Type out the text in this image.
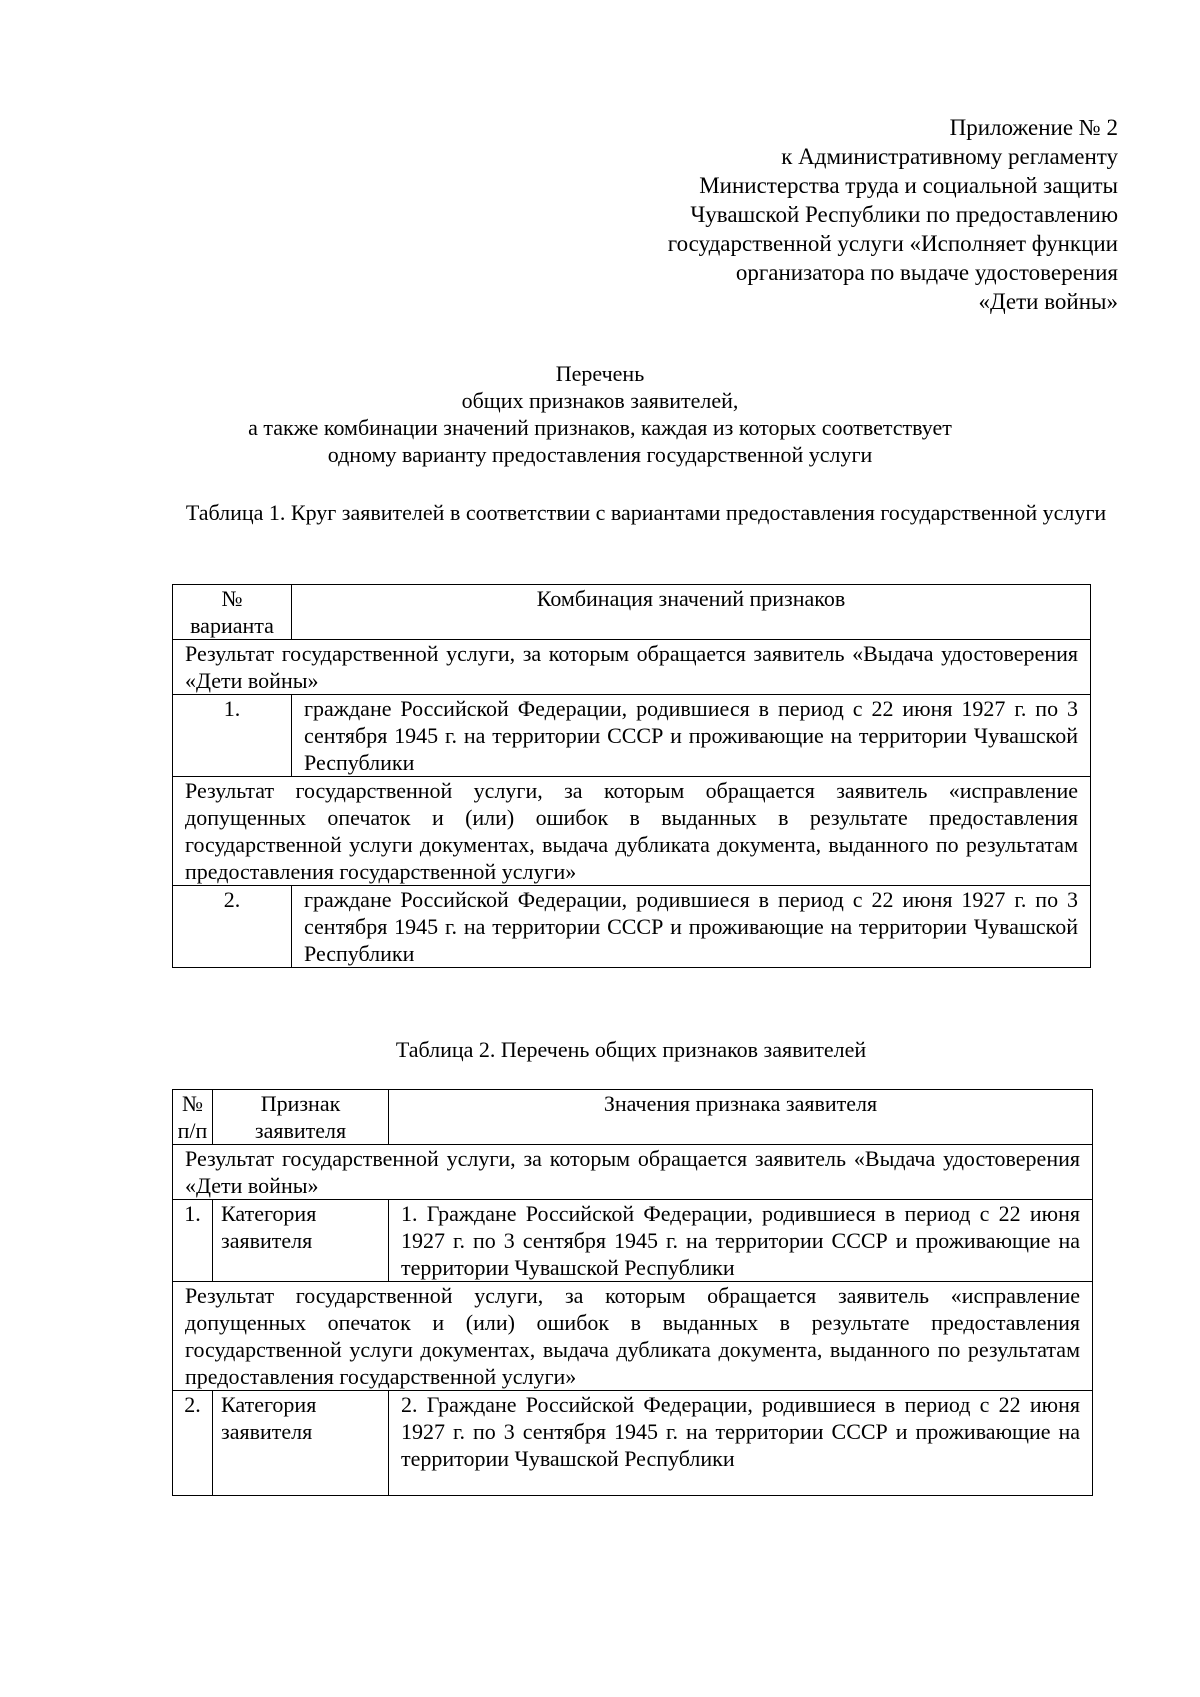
Приложение № 2
к Административному регламенту
Министерства труда и социальной защиты
Чувашской Республики по предоставлению
государственной услуги «Исполняет функции
организатора по выдаче удостоверения
«Дети войны»
Перечень
общих признаков заявителей,
а также комбинации значений признаков, каждая из которых соответствует
одному варианту предоставления государственной услуги
Таблица 1. Круг заявителей в соответствии с вариантами предоставления государственной услуги
№ варианта	Комбинация значений признаков
Результат государственной услуги, за которым обращается заявитель «Выдача удостоверения «Дети войны»	
1.	граждане Российской Федерации, родившиеся в период с 22 июня 1927 г. по 3 сентября 1945 г. на территории СССР и проживающие на территории Чувашской Республики
Результат государственной услуги, за которым обращается заявитель «исправление допущенных опечаток и (или) ошибок в выданных в результате предоставления государственной услуги документах, выдача дубликата документа, выданного по результатам предоставления государственной услуги»	
2.	граждане Российской Федерации, родившиеся в период с 22 июня 1927 г. по 3 сентября 1945 г. на территории СССР и проживающие на территории Чувашской Республики
Таблица 2. Перечень общих признаков заявителей
№ п/п	Признак заявителя	Значения признака заявителя
Результат государственной услуги, за которым обращается заявитель «Выдача удостоверения «Дети войны»		
1.	Категория заявителя	1. Граждане Российской Федерации, родившиеся в период с 22 июня 1927 г. по 3 сентября 1945 г. на территории СССР и проживающие на территории Чувашской Республики
Результат государственной услуги, за которым обращается заявитель «исправление допущенных опечаток и (или) ошибок в выданных в результате предоставления государственной услуги документах, выдача дубликата документа, выданного по результатам предоставления государственной услуги»		
2.	Категория заявителя	2. Граждане Российской Федерации, родившиеся в период с 22 июня 1927 г. по 3 сентября 1945 г. на территории СССР и проживающие на территории Чувашской Республики
